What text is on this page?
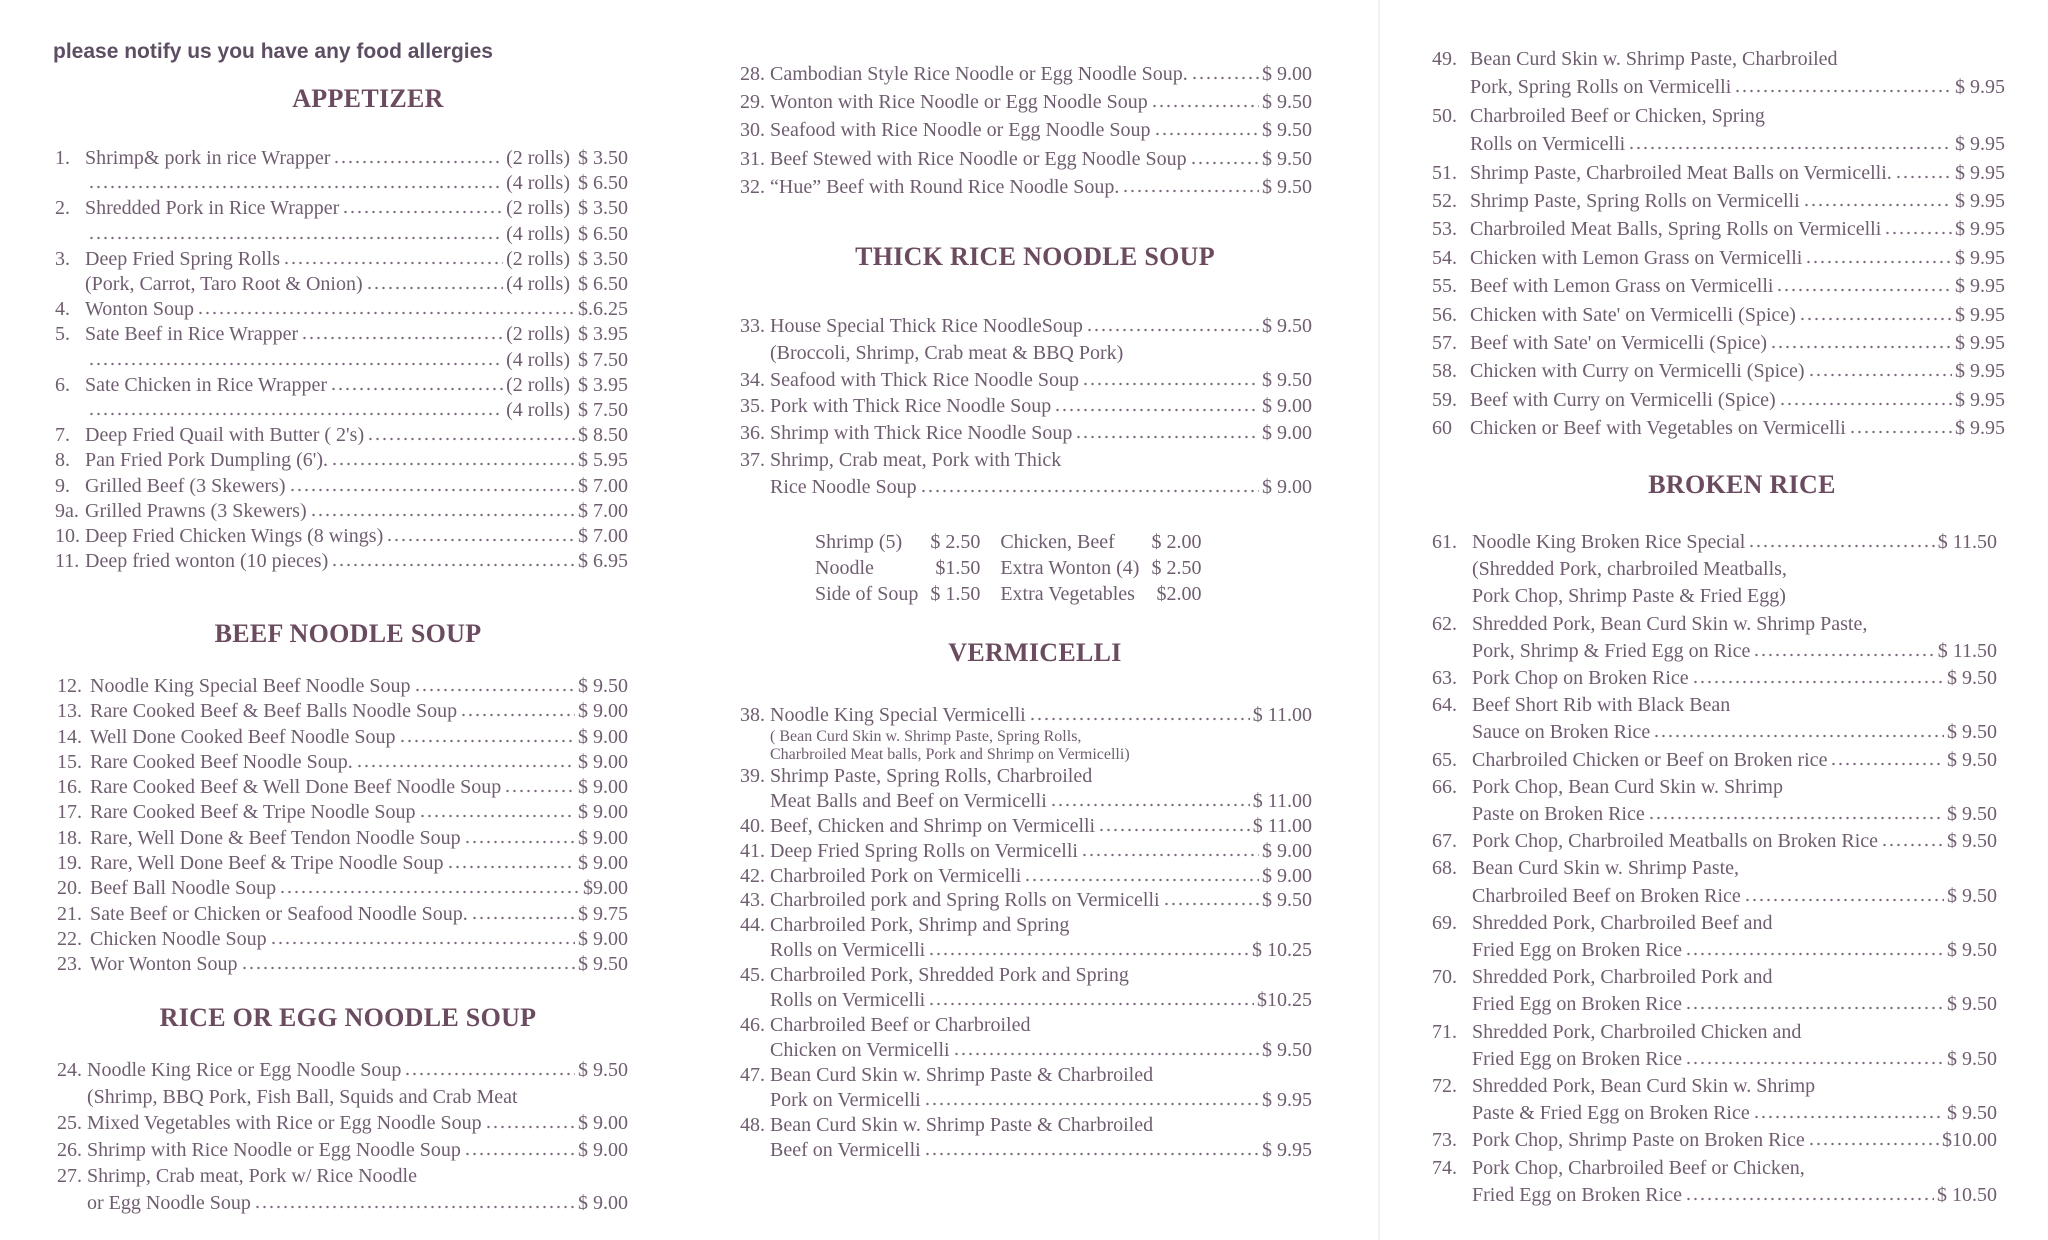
please notify us you have any food allergies
APPETIZER
1. Shrimp& pork in rice Wrapper	(2 rolls) $ 3.50
(4 rolls) $ 6.50
2. Shredded Pork in Rice Wrapper	(2 rolls) $ 3.50
(4 rolls) $ 6.50
3. Deep Fried Spring Rolls	(2 rolls) $ 3.50
(Pork, Carrot, Taro Root & Onion)	(4 rolls) $ 6.50
4. Wonton Soup	$.6.25
5. Sate Beef in Rice Wrapper	(2 rolls) $ 3.95
(4 rolls) $ 7.50
6. Sate Chicken in Rice Wrapper	(2 rolls) $ 3.95
(4 rolls) $ 7.50
7. Deep Fried Quail with Butter ( 2's)	$ 8.50
8. Pan Fried Pork Dumpling (6').	$ 5.95
9. Grilled Beef (3 Skewers)	$ 7.00
9a. Grilled Prawns (3 Skewers)	$ 7.00
10. Deep Fried Chicken Wings (8 wings)	$ 7.00
11. Deep fried wonton (10 pieces)	$ 6.95
BEEF NOODLE SOUP
12. Noodle King Special Beef Noodle Soup	$ 9.50
13. Rare Cooked Beef & Beef Balls Noodle Soup	$ 9.00
14. Well Done Cooked Beef Noodle Soup	$ 9.00
15. Rare Cooked Beef Noodle Soup.	$ 9.00
16. Rare Cooked Beef & Well Done Beef Noodle Soup	$ 9.00
17. Rare Cooked Beef & Tripe Noodle Soup	$ 9.00
18. Rare, Well Done & Beef Tendon Noodle Soup	$ 9.00
19. Rare, Well Done Beef & Tripe Noodle Soup	$ 9.00
20. Beef Ball Noodle Soup	$9.00
21. Sate Beef or Chicken or Seafood Noodle Soup.	$ 9.75
22. Chicken Noodle Soup	$ 9.00
23. Wor Wonton Soup	$ 9.50
RICE OR EGG NOODLE SOUP
24. Noodle King Rice or Egg Noodle Soup	$ 9.50
(Shrimp, BBQ Pork, Fish Ball, Squids and Crab Meat
25. Mixed Vegetables with Rice or Egg Noodle Soup	$ 9.00
26. Shrimp with Rice Noodle or Egg Noodle Soup	$ 9.00
27. Shrimp, Crab meat, Pork w/ Rice Noodle
or Egg Noodle Soup	$ 9.00
28. Cambodian Style Rice Noodle or Egg Noodle Soup.	$ 9.00
29. Wonton with Rice Noodle or Egg Noodle Soup	$ 9.50
30. Seafood with Rice Noodle or Egg Noodle Soup	$ 9.50
31. Beef Stewed with Rice Noodle or Egg Noodle Soup	$ 9.50
32. “Hue” Beef with Round Rice Noodle Soup.	$ 9.50
THICK RICE NOODLE SOUP
33. House Special Thick Rice NoodleSoup	$ 9.50
(Broccoli, Shrimp, Crab meat & BBQ Pork)
34. Seafood with Thick Rice Noodle Soup	$ 9.50
35. Pork with Thick Rice Noodle Soup	$ 9.00
36. Shrimp with Thick Rice Noodle Soup	$ 9.00
37. Shrimp, Crab meat, Pork with Thick
Rice Noodle Soup	$ 9.00
Shrimp (5)	$ 2.50	Chicken, Beef	$ 2.00
Noodle	$1.50	Extra Wonton (4)	$ 2.50
Side of Soup	$ 1.50	Extra Vegetables	$2.00
VERMICELLI
38. Noodle King Special Vermicelli	$ 11.00
( Bean Curd Skin w. Shrimp Paste, Spring Rolls,
Charbroiled Meat balls, Pork and Shrimp on Vermicelli)
39. Shrimp Paste, Spring Rolls, Charbroiled
Meat Balls and Beef on Vermicelli	$ 11.00
40. Beef, Chicken and Shrimp on Vermicelli	$ 11.00
41. Deep Fried Spring Rolls on Vermicelli	$ 9.00
42. Charbroiled Pork on Vermicelli	$ 9.00
43. Charbroiled pork and Spring Rolls on Vermicelli	$ 9.50
44. Charbroiled Pork, Shrimp and Spring
Rolls on Vermicelli	$ 10.25
45. Charbroiled Pork, Shredded Pork and Spring
Rolls on Vermicelli	$10.25
46. Charbroiled Beef or Charbroiled
Chicken on Vermicelli	$ 9.50
47. Bean Curd Skin w. Shrimp Paste & Charbroiled
Pork on Vermicelli	$ 9.95
48. Bean Curd Skin w. Shrimp Paste & Charbroiled
Beef on Vermicelli	$ 9.95
49. Bean Curd Skin w. Shrimp Paste, Charbroiled
Pork, Spring Rolls on Vermicelli	$ 9.95
50. Charbroiled Beef or Chicken, Spring
Rolls on Vermicelli	$ 9.95
51. Shrimp Paste, Charbroiled Meat Balls on Vermicelli.	$ 9.95
52. Shrimp Paste, Spring Rolls on Vermicelli	$ 9.95
53. Charbroiled Meat Balls, Spring Rolls on Vermicelli	$ 9.95
54. Chicken with Lemon Grass on Vermicelli	$ 9.95
55. Beef with Lemon Grass on Vermicelli	$ 9.95
56. Chicken with Sate' on Vermicelli (Spice)	$ 9.95
57. Beef with Sate' on Vermicelli (Spice)	$ 9.95
58. Chicken with Curry on Vermicelli (Spice)	$ 9.95
59. Beef with Curry on Vermicelli (Spice)	$ 9.95
60 Chicken or Beef with Vegetables on Vermicelli	$ 9.95
BROKEN RICE
61. Noodle King Broken Rice Special	$ 11.50
(Shredded Pork, charbroiled Meatballs,
Pork Chop, Shrimp Paste & Fried Egg)
62. Shredded Pork, Bean Curd Skin w. Shrimp Paste,
Pork, Shrimp & Fried Egg on Rice	$ 11.50
63. Pork Chop on Broken Rice	$ 9.50
64. Beef Short Rib with Black Bean
Sauce on Broken Rice	$ 9.50
65. Charbroiled Chicken or Beef on Broken rice	$ 9.50
66. Pork Chop, Bean Curd Skin w. Shrimp
Paste on Broken Rice	$ 9.50
67. Pork Chop, Charbroiled Meatballs on Broken Rice	$ 9.50
68. Bean Curd Skin w. Shrimp Paste,
Charbroiled Beef on Broken Rice	$ 9.50
69. Shredded Pork, Charbroiled Beef and
Fried Egg on Broken Rice	$ 9.50
70. Shredded Pork, Charbroiled Pork and
Fried Egg on Broken Rice	$ 9.50
71. Shredded Pork, Charbroiled Chicken and
Fried Egg on Broken Rice	$ 9.50
72. Shredded Pork, Bean Curd Skin w. Shrimp
Paste & Fried Egg on Broken Rice	$ 9.50
73. Pork Chop, Shrimp Paste on Broken Rice	$10.00
74. Pork Chop, Charbroiled Beef or Chicken,
Fried Egg on Broken Rice	$ 10.50
